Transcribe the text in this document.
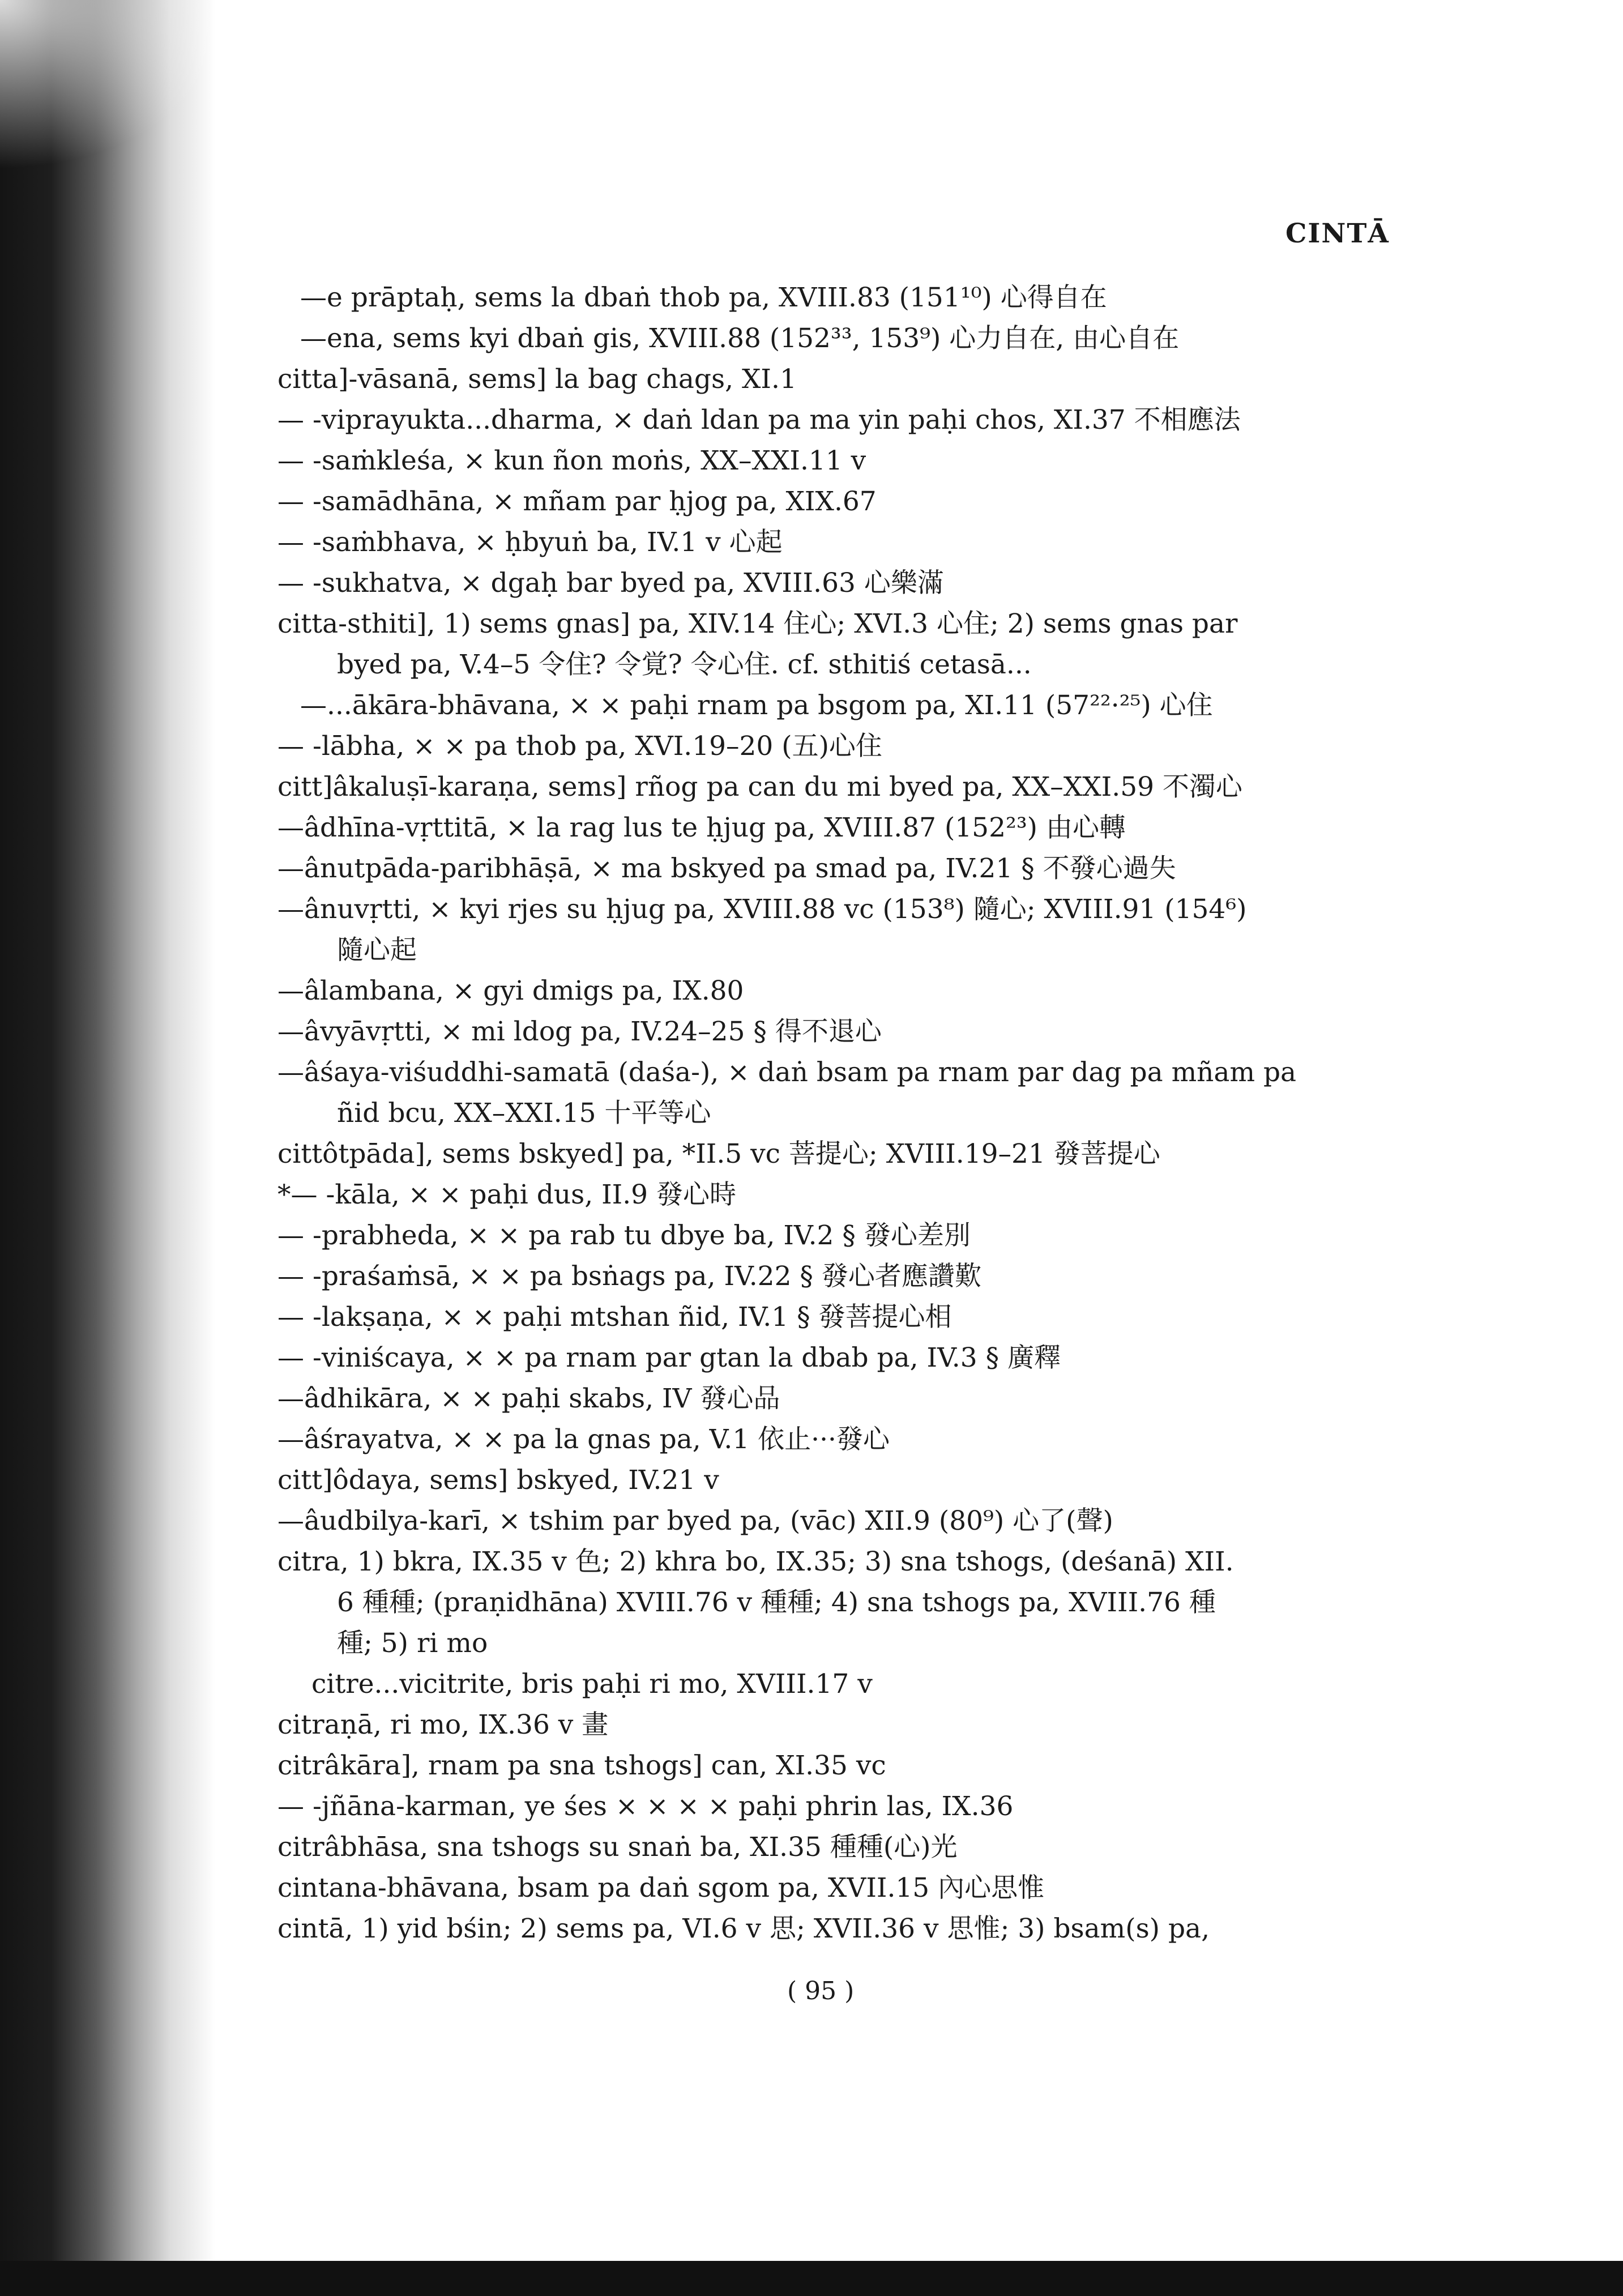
CINTĀ
—e prāptaḥ, sems la dbaṅ thob pa, XVIII.83 (151¹⁰) 心得自在
—ena, sems kyi dbaṅ gis, XVIII.88 (152³³, 153⁹) 心力自在, 由心自在
citta]-vāsanā, sems] la bag chags, XI.1
— -viprayukta...dharma, × daṅ ldan pa ma yin paḥi chos, XI.37 不相應法
— -saṁkleśa, × kun ñon moṅs, XX–XXI.11 v
— -samādhāna, × mñam par ḥjog pa, XIX.67
— -saṁbhava, × ḥbyuṅ ba, IV.1 v 心起
— -sukhatva, × dgaḥ bar byed pa, XVIII.63 心樂滿
citta-sthiti], 1) sems gnas] pa, XIV.14 住心; XVI.3 心住; 2) sems gnas par
byed pa, V.4–5 令住? 令覚? 令心住. cf. sthitiś cetasā...
—...ākāra-bhāvana, × × paḥi rnam pa bsgom pa, XI.11 (57²²·²⁵) 心住
— -lābha, × × pa thob pa, XVI.19–20 (五)心住
citt]âkaluṣī-karaṇa, sems] rñog pa can du mi byed pa, XX–XXI.59 不濁心
—âdhīna-vṛttitā, × la rag lus te ḥjug pa, XVIII.87 (152²³) 由心轉
—ânutpāda-paribhāṣā, × ma bskyed pa smad pa, IV.21 § 不發心過失
—ânuvṛtti, × kyi rjes su ḥjug pa, XVIII.88 vc (153⁸) 隨心; XVIII.91 (154⁶)
隨心起
—âlambana, × gyi dmigs pa, IX.80
—âvyāvṛtti, × mi ldog pa, IV.24–25 § 得不退心
—âśaya-viśuddhi-samatā (daśa-), × daṅ bsam pa rnam par dag pa mñam pa
ñid bcu, XX–XXI.15 十平等心
cittôtpāda], sems bskyed] pa, *II.5 vc 菩提心; XVIII.19–21 發菩提心
*— -kāla, × × paḥi dus, II.9 發心時
— -prabheda, × × pa rab tu dbye ba, IV.2 § 發心差別
— -praśaṁsā, × × pa bsṅags pa, IV.22 § 發心者應讚歎
— -lakṣaṇa, × × paḥi mtshan ñid, IV.1 § 發菩提心相
— -viniścaya, × × pa rnam par gtan la dbab pa, IV.3 § 廣釋
—âdhikāra, × × paḥi skabs, IV 發心品
—âśrayatva, × × pa la gnas pa, V.1 依止···發心
citt]ôdaya, sems] bskyed, IV.21 v
—âudbilya-karī, × tshim par byed pa, (vāc) XII.9 (80⁹) 心了(聲)
citra, 1) bkra, IX.35 v 色; 2) khra bo, IX.35; 3) sna tshogs, (deśanā) XII.
6 種種; (praṇidhāna) XVIII.76 v 種種; 4) sna tshogs pa, XVIII.76 種
種; 5) ri mo
citre...vicitrite, bris paḥi ri mo, XVIII.17 v
citraṇā, ri mo, IX.36 v 畫
citrâkāra], rnam pa sna tshogs] can, XI.35 vc
— -jñāna-karman, ye śes × × × × paḥi phrin las, IX.36
citrâbhāsa, sna tshogs su snaṅ ba, XI.35 種種(心)光
cintana-bhāvana, bsam pa daṅ sgom pa, XVII.15 內心思惟
cintā, 1) yid bśin; 2) sems pa, VI.6 v 思; XVII.36 v 思惟; 3) bsam(s) pa,
( 95 )
